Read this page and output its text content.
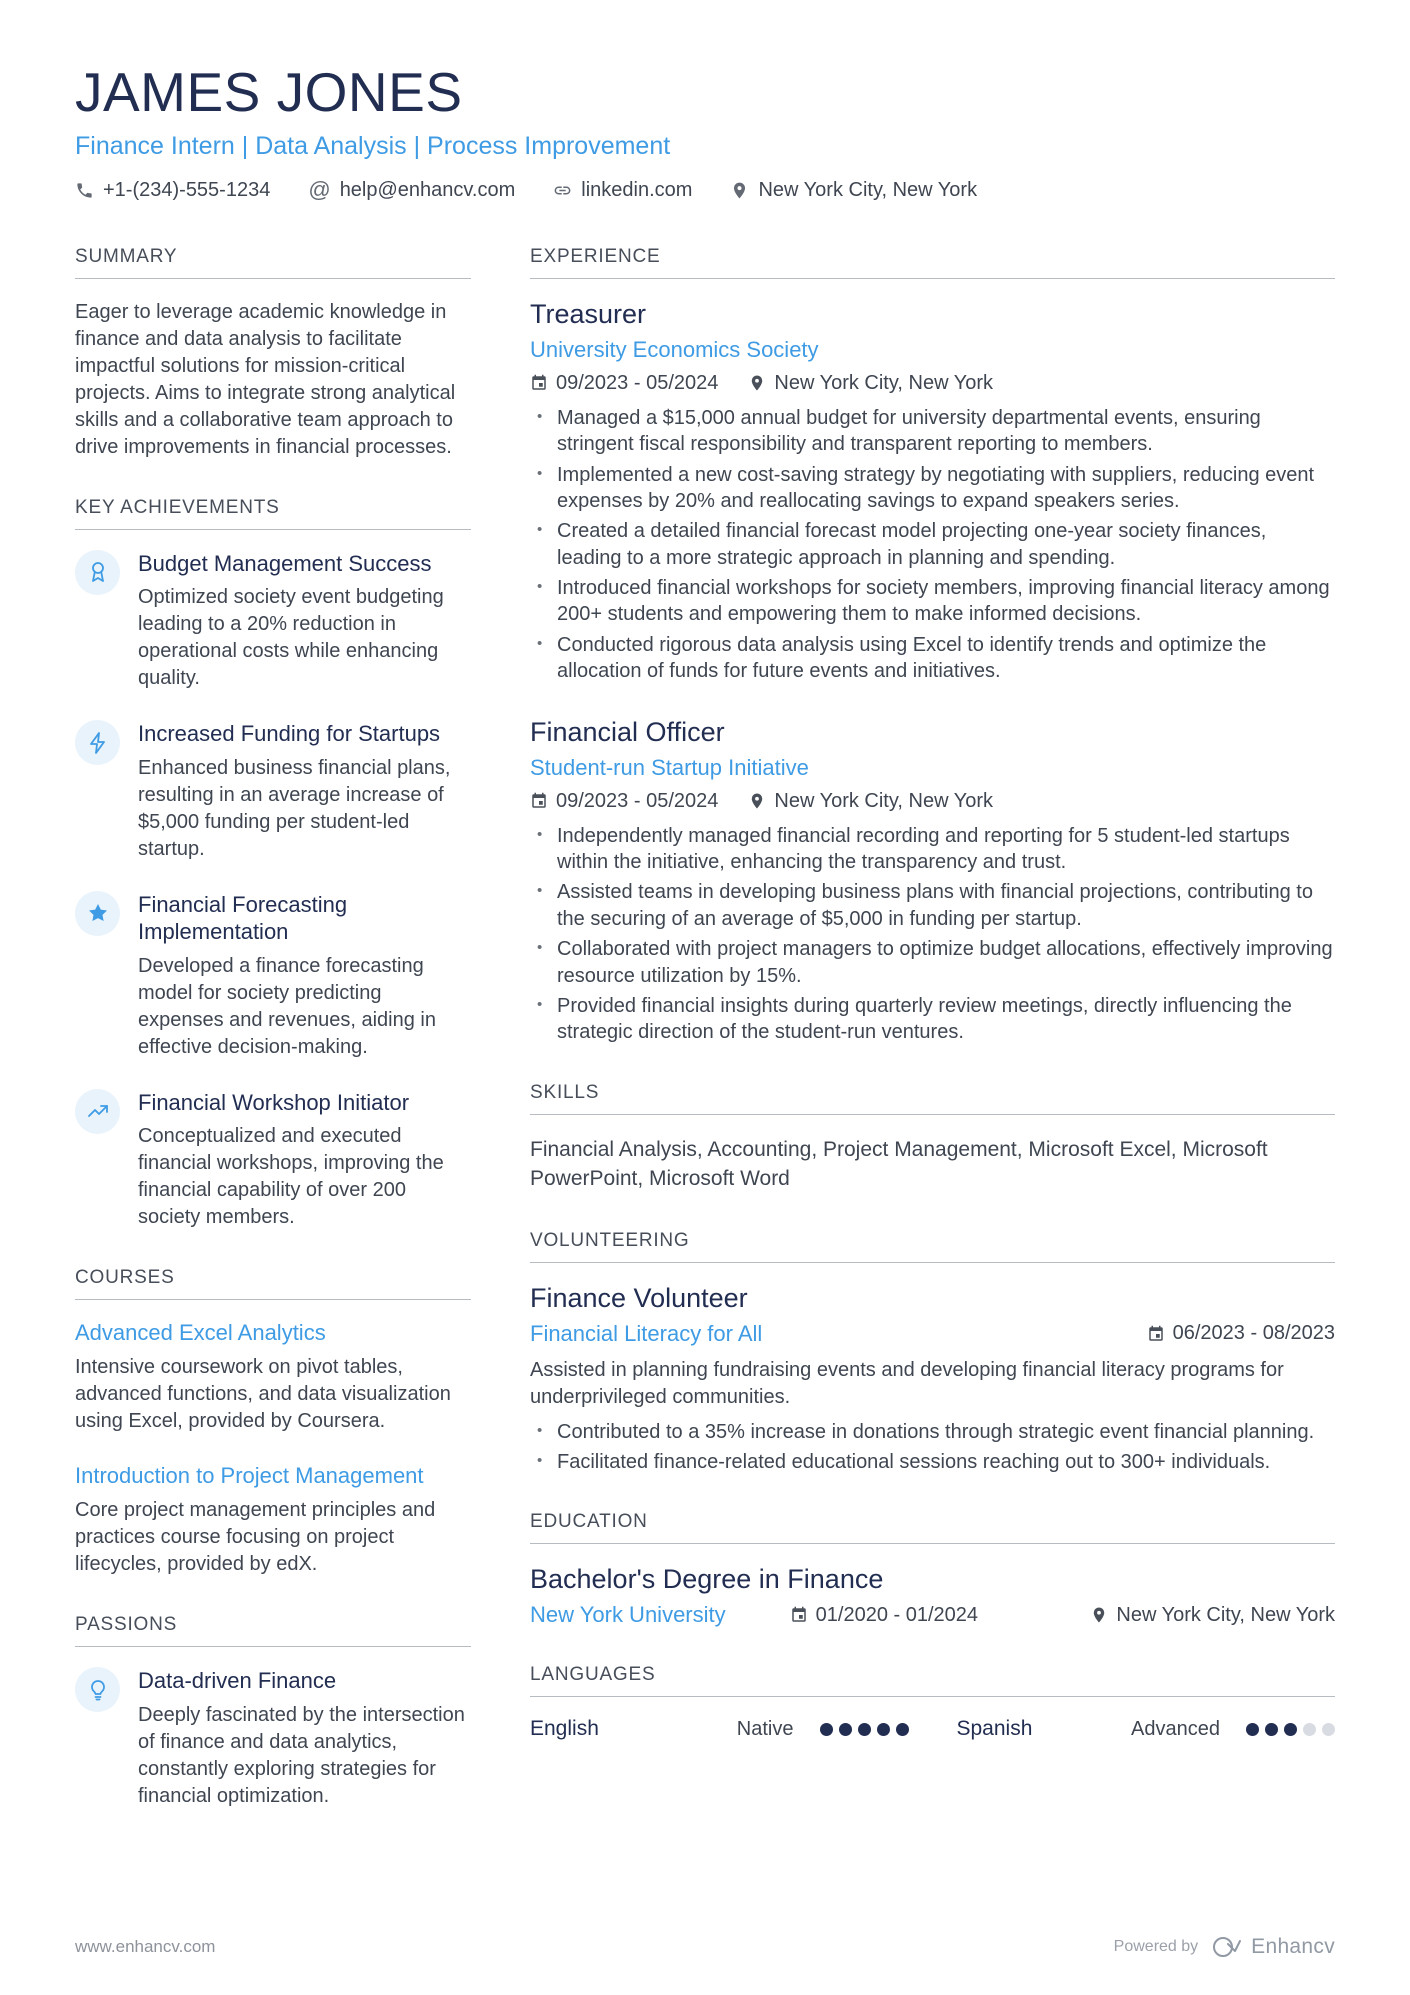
JAMES JONES
Finance Intern | Data Analysis | Process Improvement
+1-(234)-555-1234 @ help@enhancv.com	linkedin.com	New York City, New York
SUMMARY

Eager to leverage academic knowledge in finance and data analysis to facilitate impactful solutions for mission-critical projects. Aims to integrate strong analytical skills and a collaborative team approach to drive improvements in financial processes.

KEY ACHIEVEMENTS
Budget Management Success

Optimized society event budgeting leading to a 20% reduction in operational costs while enhancing quality.

Increased Funding for Startups

Enhanced business financial plans, resulting in an average increase of $5,000 funding per student-led startup.

Financial Forecasting Implementation

Developed a finance forecasting model for society predicting expenses and revenues, aiding in effective decision-making.

Financial Workshop Initiator

Conceptualized and executed financial workshops, improving the financial capability of over 200 society members.

COURSES
Advanced Excel Analytics

Intensive coursework on pivot tables, advanced functions, and data visualization using Excel, provided by Coursera.

Introduction to Project Management

Core project management principles and practices course focusing on project lifecycles, provided by edX.

PASSIONS
Data-driven Finance

Deeply fascinated by the intersection of finance and data analytics, constantly exploring strategies for financial optimization.

EXPERIENCE
Treasurer
University Economics Society
09/2023 - 05/2024	New York City, New York
• Managed a $15,000 annual budget for university departmental events, ensuring stringent fiscal responsibility and transparent reporting to members.
• Implemented a new cost-saving strategy by negotiating with suppliers, reducing event expenses by 20% and reallocating savings to expand speakers series.
• Created a detailed financial forecast model projecting one-year society finances, leading to a more strategic approach in planning and spending.
• Introduced financial workshops for society members, improving financial literacy among 200+ students and empowering them to make informed decisions.
• Conducted rigorous data analysis using Excel to identify trends and optimize the allocation of funds for future events and initiatives.
Financial Officer
Student-run Startup Initiative
09/2023 - 05/2024	New York City, New York
• Independently managed financial recording and reporting for 5 student-led startups within the initiative, enhancing the transparency and trust.
• Assisted teams in developing business plans with financial projections, contributing to the securing of an average of $5,000 in funding per startup.
• Collaborated with project managers to optimize budget allocations, effectively improving resource utilization by 15%.
• Provided financial insights during quarterly review meetings, directly influencing the strategic direction of the student-run ventures.
SKILLS

Financial Analysis, Accounting, Project Management, Microsoft Excel, Microsoft PowerPoint, Microsoft Word

VOLUNTEERING
Finance Volunteer
Financial Literacy for All	06/2023 - 08/2023

Assisted in planning fundraising events and developing financial literacy programs for underprivileged communities.

• Contributed to a 35% increase in donations through strategic event financial planning.
• Facilitated finance-related educational sessions reaching out to 300+ individuals.
EDUCATION
Bachelor's Degree in Finance
New York University	01/2020 - 01/2024	New York City, New York
LANGUAGES
English	Native	Spanish	Advanced
www.enhancv.com	Powered by	Enhancv
